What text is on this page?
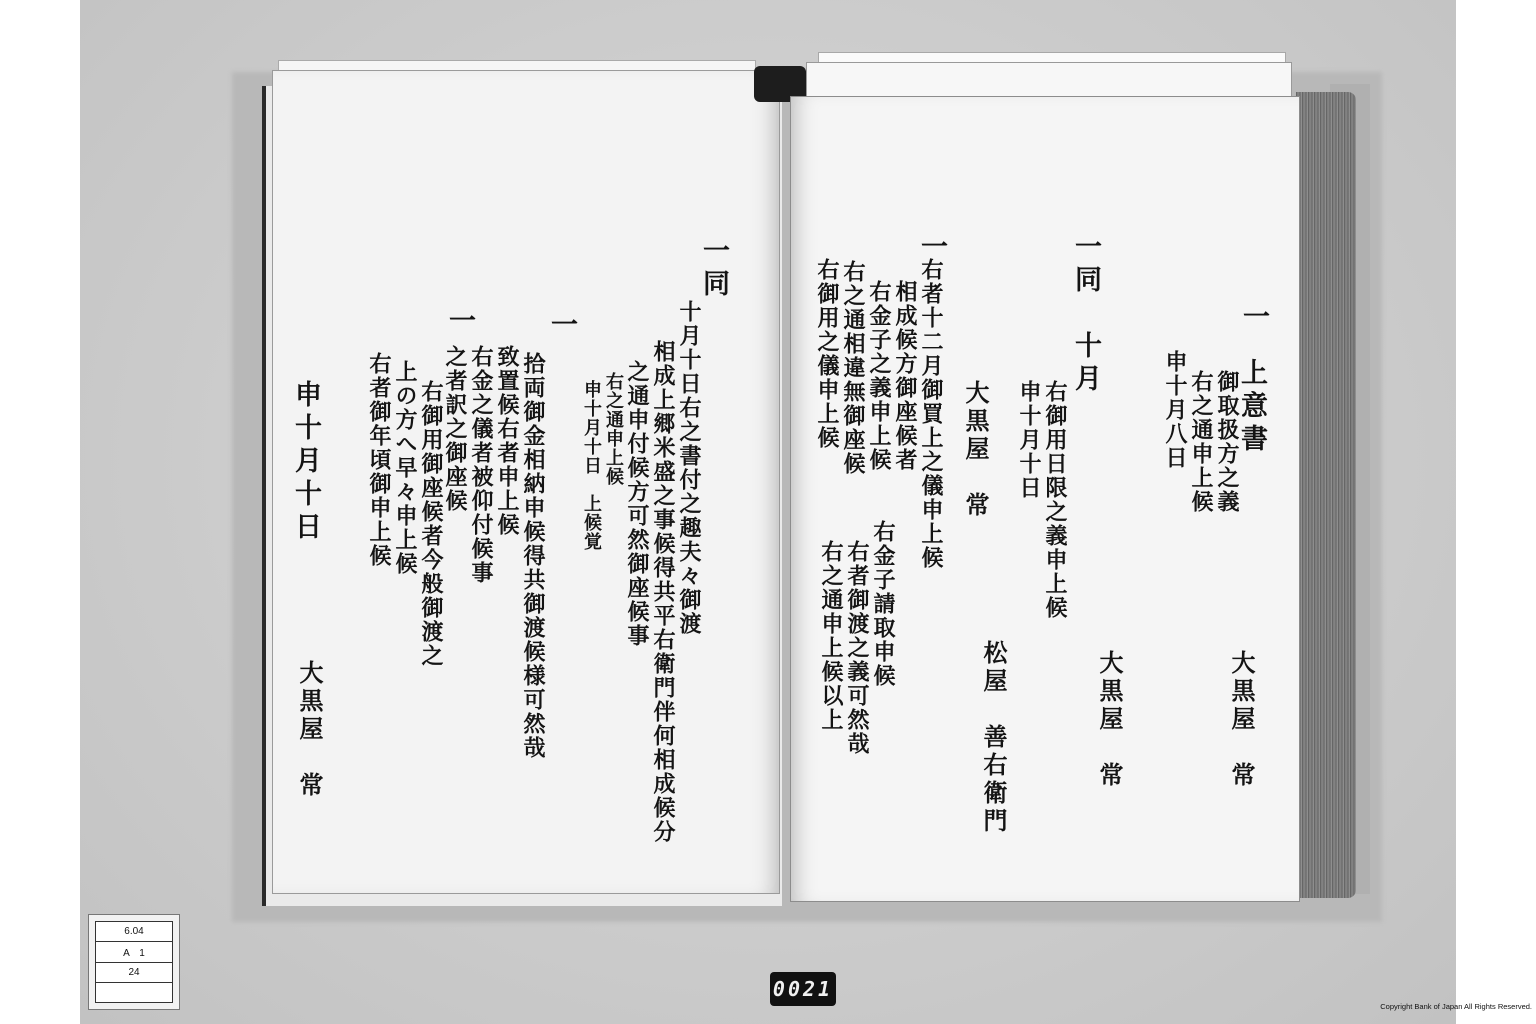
一同
十月十日右之書付之趣夫々御渡
相成上郷米盛之事候得共平右衛門伴何相成候分
之通申付候方可然御座候事
右之通申上候
申十月十日　上候覚
一
拾両御金相納申候得共御渡候様可然哉
致置候右者申上候
右金之儀者被仰付候事
之者訳之御座候
一
右御用御座候者今般御渡之
上の方へ早々申上候
右者御年頃御申上候
申十月十日
大黒屋　常
一
上意書
御取扱方之義
右之通申上候
申十月八日
大黒屋　常
一同　十月
右御用日限之義申上候
申十月十日
大黒屋　常
一
右者十二月御買上之儀申上候
相成候方御座候者
右金子之義申上候
右之通相違無御座候
右御用之儀申上候
右金子請取申候
右者御渡之義可然哉
右之通申上候以上
松屋　善右衛門
大黒屋　常
6.04
A　1
24
0021
Copyright Bank of Japan All Rights Reserved.
